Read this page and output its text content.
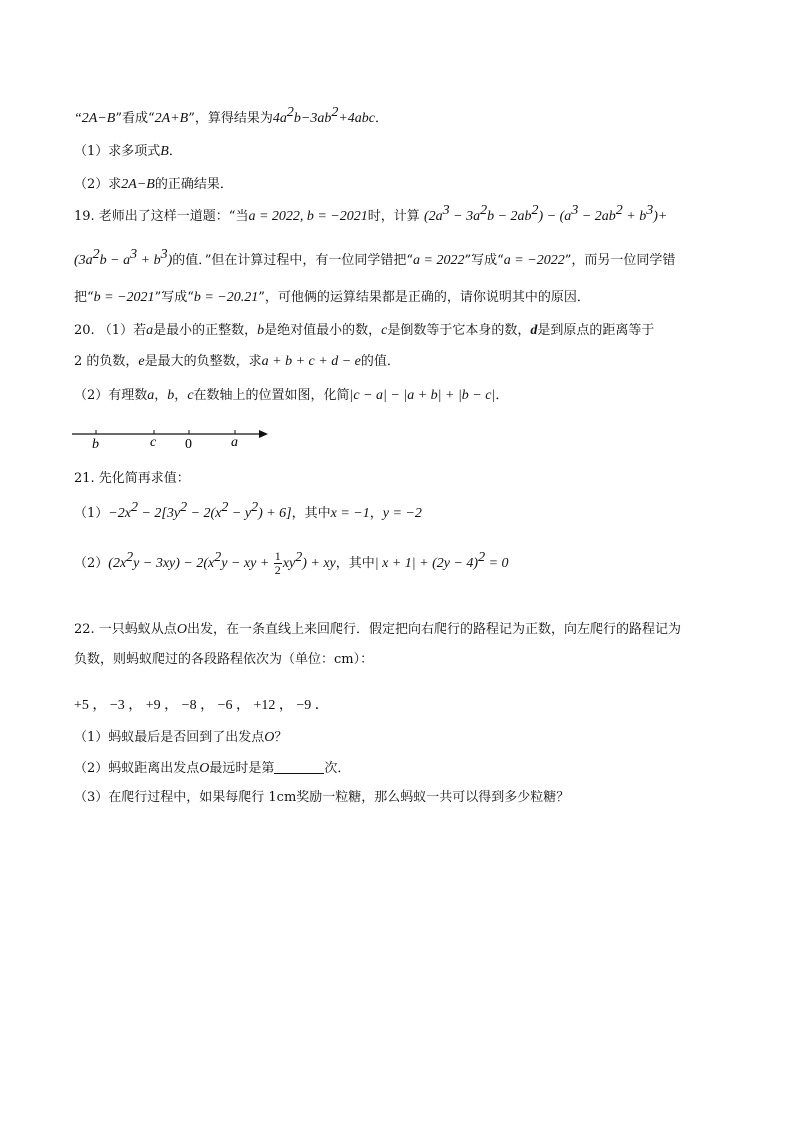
“2A−B”看成“2A+B”，算得结果为$4a^2b-3ab^2+4abc$．
（1）求多项式B．
（2）求2A−B的正确结果．
19. 老师出了这样一道题：“当a = 2022, b = −2021时，计算 $(2a^3 - 3a^2b - 2ab^2) - (a^3 - 2ab^2 + b^3)+$
$(3a^2b - a^3 + b^3)$的值．”但在计算过程中，有一位同学错把“a = 2022”写成“a = −2022”，而另一位同学错
把“b = −2021”写成“b = −20.21”，可他俩的运算结果都是正确的，请你说明其中的原因．
20. （1）若a是最小的正整数，b是绝对值最小的数，c是倒数等于它本身的数，d是到原点的距离等于
2 的负数，e是最大的负整数，求a + b + c + d − e的值．
（2）有理数a，b，c在数轴上的位置如图，化简|c − a| − |a + b| + |b − c|．
b	c 0	a
21. 先化简再求值：
$(1)-2x^2 - 2[3y^2 - 2(x^2 - y^2) + 6]$，其中x = −1，y = −2
$(2)(2x^2y - 3xy) - 2(x^2y$ − xy + $\frac{1}{2} xy^2$) + xy，其中| $x + 1| + (2y - 4)^2 = 0$
22. 一只蚂蚁从点O出发，在一条直线上来回爬行．假定把向右爬行的路程记为正数，向左爬行的路程记为
负数，则蚂蚁爬过的各段路程依次为（单位：cm）：
+5 ， −3 ， +9 ， −8 ， −6 ， +12 ， −9 ．
（1）蚂蚁最后是否回到了出发点O？
（2）蚂蚁距离出发点O最远时是第	次．
（3）在爬行过程中，如果每爬行 1cm奖励一粒糖，那么蚂蚁一共可以得到多少粒糖？
